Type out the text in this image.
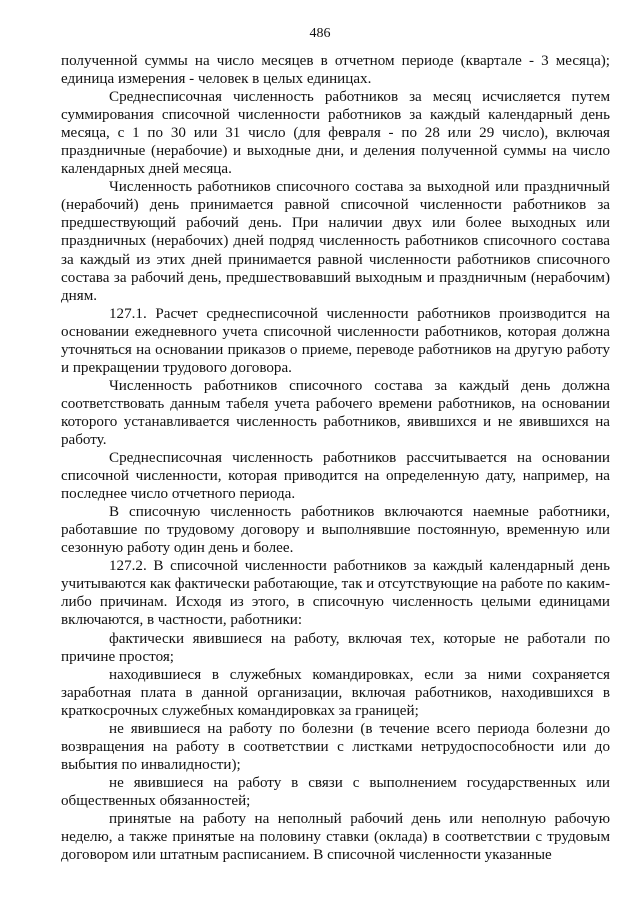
486

полученной суммы на число месяцев в отчетном периоде (квартале - 3 месяца); единица измерения - человек в целых единицах.

Среднесписочная численность работников за месяц исчисляется путем суммирования списочной численности работников за каждый календарный день месяца, с 1 по 30 или 31 число (для февраля - по 28 или 29 число), включая праздничные (нерабочие) и выходные дни, и деления полученной суммы на число календарных дней месяца.

Численность работников списочного состава за выходной или праздничный (нерабочий) день принимается равной списочной численности работников за предшествующий рабочий день. При наличии двух или более выходных или праздничных (нерабочих) дней подряд численность работников списочного состава за каждый из этих дней принимается равной численности работников списочного состава за рабочий день, предшествовавший выходным и праздничным (нерабочим) дням.

127.1. Расчет среднесписочной численности работников производится на основании ежедневного учета списочной численности работников, которая должна уточняться на основании приказов о приеме, переводе работников на другую работу и прекращении трудового договора.

Численность работников списочного состава за каждый день должна соответствовать данным табеля учета рабочего времени работников, на основании которого устанавливается численность работников, явившихся и не явившихся на работу.

Среднесписочная численность работников рассчитывается на основании списочной численности, которая приводится на определенную дату, например, на последнее число отчетного периода.

В списочную численность работников включаются наемные работники, работавшие по трудовому договору и выполнявшие постоянную, временную или сезонную работу один день и более.

127.2. В списочной численности работников за каждый календарный день учитываются как фактически работающие, так и отсутствующие на работе по каким-либо причинам. Исходя из этого, в списочную численность целыми единицами включаются, в частности, работники:

фактически явившиеся на работу, включая тех, которые не работали по причине простоя;

находившиеся в служебных командировках, если за ними сохраняется заработная плата в данной организации, включая работников, находившихся в краткосрочных служебных командировках за границей;

не явившиеся на работу по болезни (в течение всего периода болезни до возвращения на работу в соответствии с листками нетрудоспособности или до выбытия по инвалидности);

не явившиеся на работу в связи с выполнением государственных или общественных обязанностей;

принятые на работу на неполный рабочий день или неполную рабочую неделю, а также принятые на половину ставки (оклада) в соответствии с трудовым договором или штатным расписанием. В списочной численности указанные
